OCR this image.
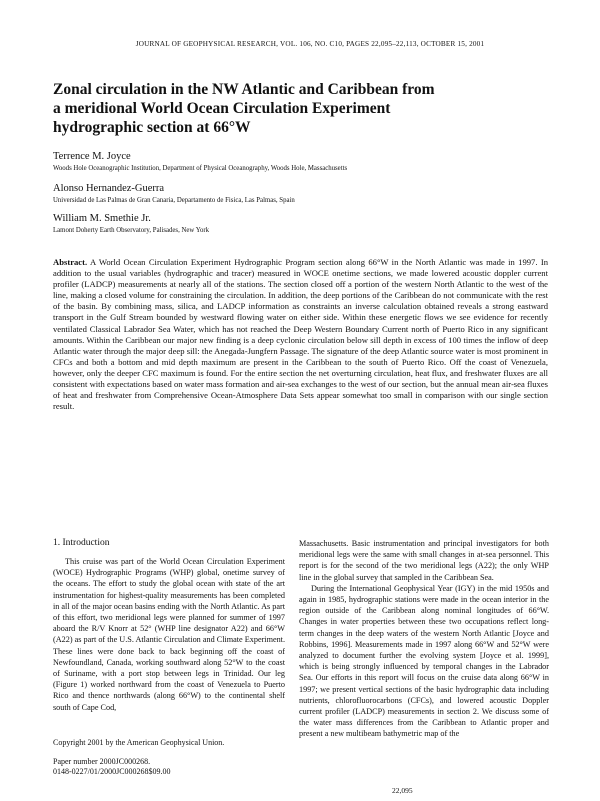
JOURNAL OF GEOPHYSICAL RESEARCH, VOL. 106, NO. C10, PAGES 22,095–22,113, OCTOBER 15, 2001
Zonal circulation in the NW Atlantic and Caribbean from
a meridional World Ocean Circulation Experiment
hydrographic section at 66°W
Terrence M. Joyce
Woods Hole Oceanographic Institution, Department of Physical Oceanography, Woods Hole, Massachusetts
Alonso Hernandez-Guerra
Universidad de Las Palmas de Gran Canaria, Departamento de Fisica, Las Palmas, Spain
William M. Smethie Jr.
Lamont Doherty Earth Observatory, Palisades, New York
Abstract. A World Ocean Circulation Experiment Hydrographic Program section along 66°W in the North Atlantic was made in 1997. In addition to the usual variables (hydrographic and tracer) measured in WOCE onetime sections, we made lowered acoustic doppler current profiler (LADCP) measurements at nearly all of the stations. The section closed off a portion of the western North Atlantic to the west of the line, making a closed volume for constraining the circulation. In addition, the deep portions of the Caribbean do not communicate with the rest of the basin. By combining mass, silica, and LADCP information as constraints an inverse calculation obtained reveals a strong eastward transport in the Gulf Stream bounded by westward flowing water on either side. Within these energetic flows we see evidence for recently ventilated Classical Labrador Sea Water, which has not reached the Deep Western Boundary Current north of Puerto Rico in any significant amounts. Within the Caribbean our major new finding is a deep cyclonic circulation below sill depth in excess of 100 times the inflow of deep Atlantic water through the major deep sill: the Anegada-Jungfern Passage. The signature of the deep Atlantic source water is most prominent in CFCs and both a bottom and mid depth maximum are present in the Caribbean to the south of Puerto Rico. Off the coast of Venezuela, however, only the deeper CFC maximum is found. For the entire section the net overturning circulation, heat flux, and freshwater fluxes are all consistent with expectations based on water mass formation and air-sea exchanges to the west of our section, but the annual mean air-sea fluxes of heat and freshwater from Comprehensive Ocean-Atmosphere Data Sets appear somewhat too small in comparison with our single section result.
1. Introduction

This cruise was part of the World Ocean Circulation Experiment (WOCE) Hydrographic Programs (WHP) global, onetime survey of the oceans. The effort to study the global ocean with state of the art instrumentation for highest-quality measurements has been completed in all of the major ocean basins ending with the North Atlantic. As part of this effort, two meridional legs were planned for summer of 1997 aboard the R/V Knorr at 52° (WHP line designator A22) and 66°W (A22) as part of the U.S. Atlantic Circulation and Climate Experiment. These lines were done back to back beginning off the coast of Newfoundland, Canada, working southward along 52°W to the coast of Suriname, with a port stop between legs in Trinidad. Our leg (Figure 1) worked northward from the coast of Venezuela to Puerto Rico and thence northwards (along 66°W) to the continental shelf south of Cape Cod,

Massachusetts. Basic instrumentation and principal investigators for both meridional legs were the same with small changes in at-sea personnel. This report is for the second of the two meridional legs (A22); the only WHP line in the global survey that sampled in the Caribbean Sea.

During the International Geophysical Year (IGY) in the mid 1950s and again in 1985, hydrographic stations were made in the ocean interior in the region outside of the Caribbean along nominal longitudes of 66°W. Changes in water properties between these two occupations reflect long-term changes in the deep waters of the western North Atlantic [Joyce and Robbins, 1996]. Measurements made in 1997 along 66°W and 52°W were analyzed to document further the evolving system [Joyce et al. 1999], which is being strongly influenced by temporal changes in the Labrador Sea. Our efforts in this report will focus on the cruise data along 66°W in 1997; we present vertical sections of the basic hydrographic data including nutrients, chlorofluorocarbons (CFCs), and lowered acoustic Doppler current profiler (LADCP) measurements in section 2. We discuss some of the water mass differences from the Caribbean to Atlantic proper and present a new multibeam bathymetric map of the

Copyright 2001 by the American Geophysical Union.
Paper number 2000JC000268.
0148-0227/01/2000JC000268$09.00
22,095
